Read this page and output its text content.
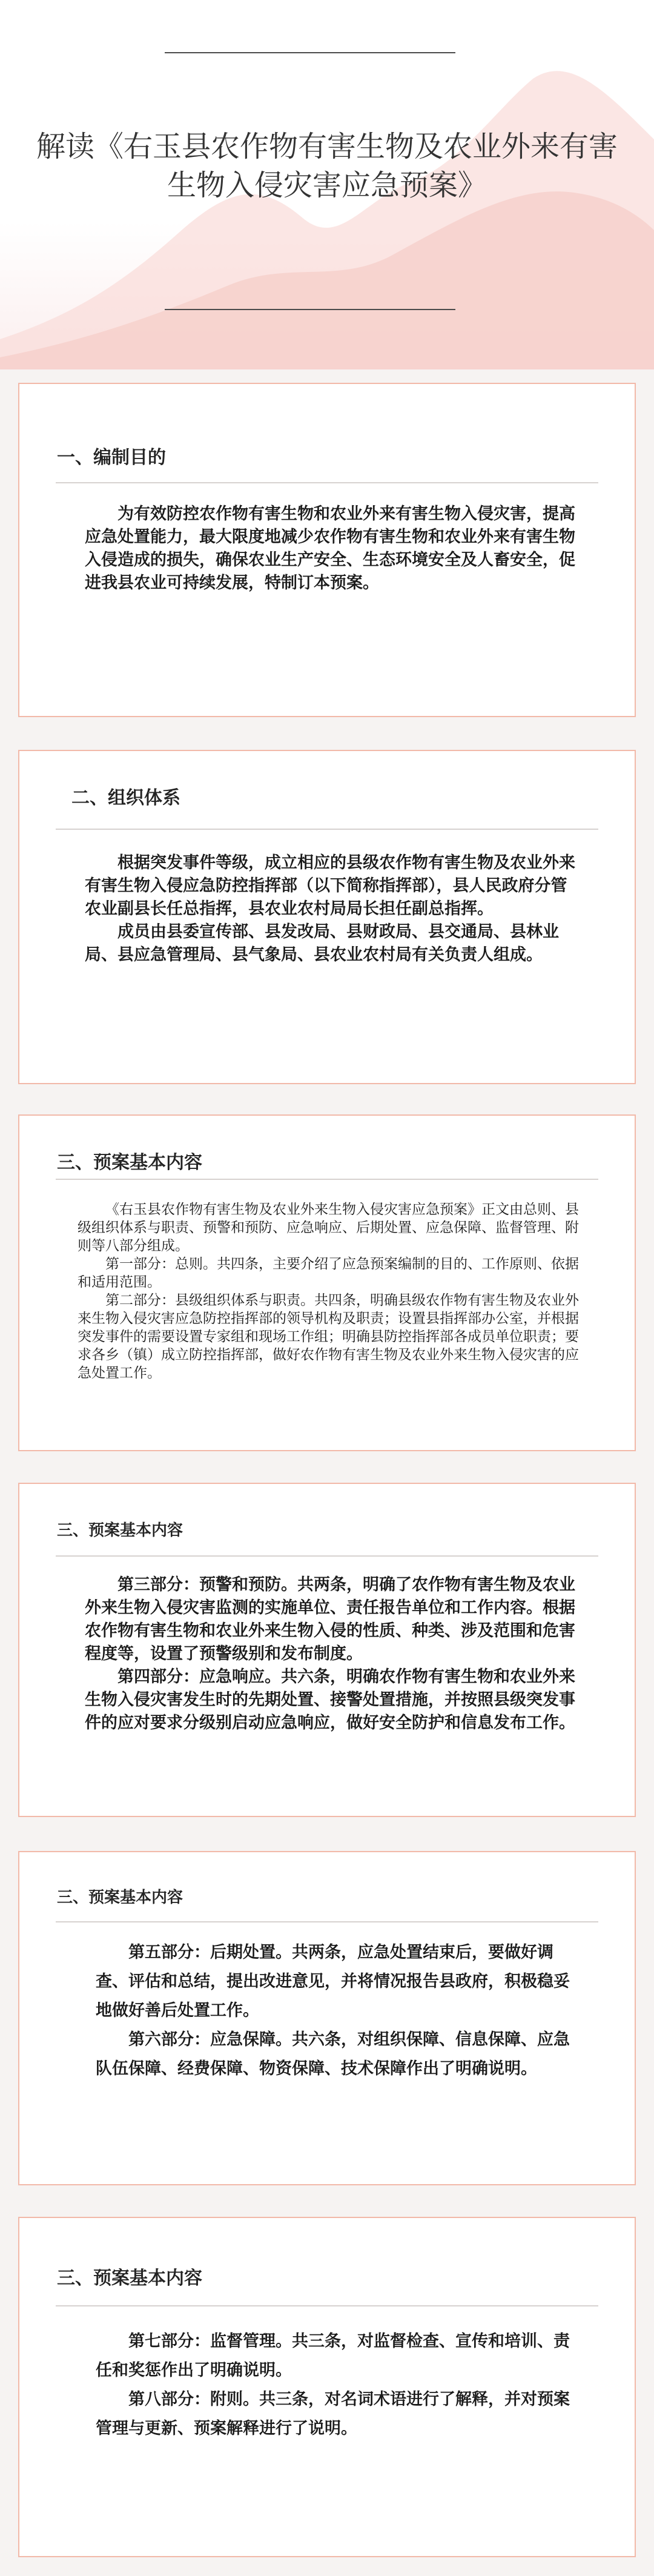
解读《右玉县农作物有害生物及农业外来有害生物入侵灾害应急预案》
一、编制目的

为有效防控农作物有害生物和农业外来有害生物入侵灾害，提高应急处置能力，最大限度地减少农作物有害生物和农业外来有害生物入侵造成的损失，确保农业生产安全、生态环境安全及人畜安全，促进我县农业可持续发展，特制订本预案。

二、组织体系

根据突发事件等级，成立相应的县级农作物有害生物及农业外来有害生物入侵应急防控指挥部（以下简称指挥部），县人民政府分管农业副县长任总指挥，县农业农村局局长担任副总指挥。

成员由县委宣传部、县发改局、县财政局、县交通局、县林业局、县应急管理局、县气象局、县农业农村局有关负责人组成。

三、预案基本内容

《右玉县农作物有害生物及农业外来生物入侵灾害应急预案》正文由总则、县级组织体系与职责、预警和预防、应急响应、后期处置、应急保障、监督管理、附则等八部分组成。

第一部分：总则。共四条，主要介绍了应急预案编制的目的、工作原则、依据和适用范围。

第二部分：县级组织体系与职责。共四条，明确县级农作物有害生物及农业外来生物入侵灾害应急防控指挥部的领导机构及职责；设置县指挥部办公室，并根据突发事件的需要设置专家组和现场工作组；明确县防控指挥部各成员单位职责；要求各乡（镇）成立防控指挥部，做好农作物有害生物及农业外来生物入侵灾害的应急处置工作。

三、预案基本内容

第三部分：预警和预防。共两条，明确了农作物有害生物及农业外来生物入侵灾害监测的实施单位、责任报告单位和工作内容。根据农作物有害生物和农业外来生物入侵的性质、种类、涉及范围和危害程度等，设置了预警级别和发布制度。

第四部分：应急响应。共六条，明确农作物有害生物和农业外来生物入侵灾害发生时的先期处置、接警处置措施，并按照县级突发事件的应对要求分级别启动应急响应，做好安全防护和信息发布工作。

三、预案基本内容

第五部分：后期处置。共两条，应急处置结束后，要做好调查、评估和总结，提出改进意见，并将情况报告县政府，积极稳妥地做好善后处置工作。

第六部分：应急保障。共六条，对组织保障、信息保障、应急队伍保障、经费保障、物资保障、技术保障作出了明确说明。

三、预案基本内容

第七部分：监督管理。共三条，对监督检查、宣传和培训、责任和奖惩作出了明确说明。

第八部分：附则。共三条，对名词术语进行了解释，并对预案管理与更新、预案解释进行了说明。
